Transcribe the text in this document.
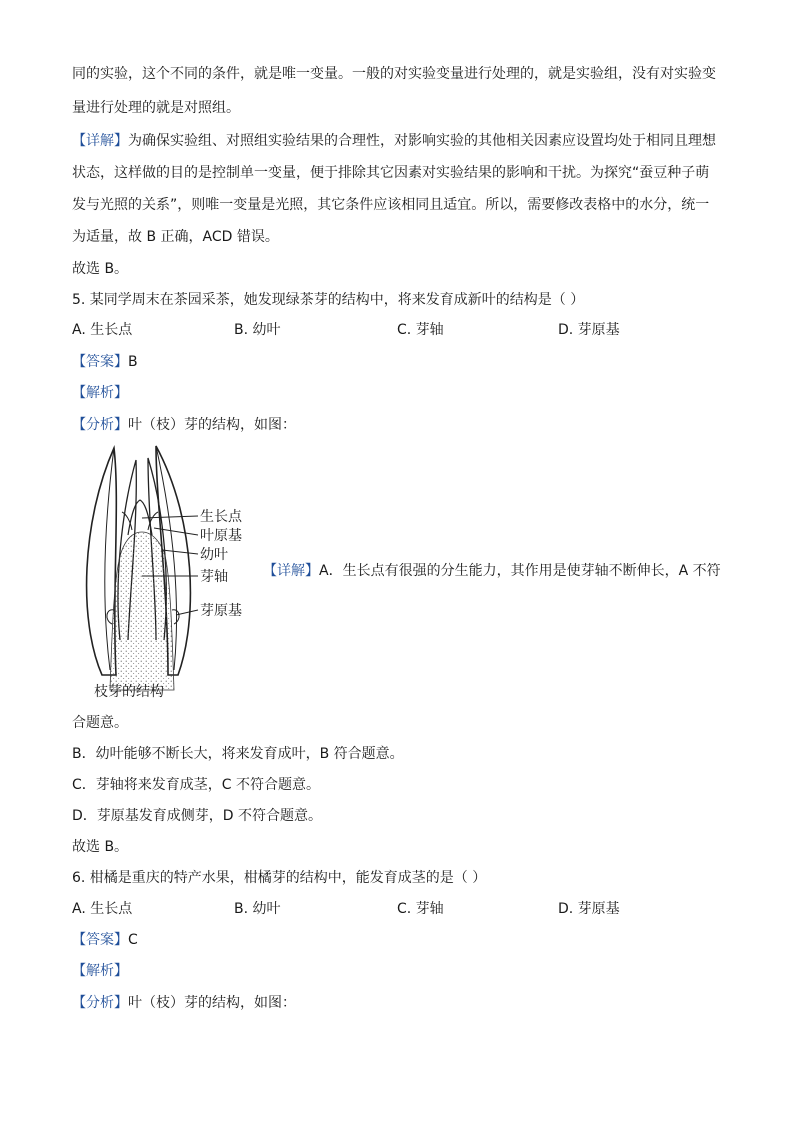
同的实验，这个不同的条件，就是唯一变量。一般的对实验变量进行处理的，就是实验组，没有对实验变
量进行处理的就是对照组。
【详解】为确保实验组、对照组实验结果的合理性，对影响实验的其他相关因素应设置均处于相同且理想
状态，这样做的目的是控制单一变量，便于排除其它因素对实验结果的影响和干扰。为探究“蚕豆种子萌
发与光照的关系”，则唯一变量是光照，其它条件应该相同且适宜。所以，需要修改表格中的水分，统一
为适量，故 B 正确，ACD 错误。
故选 B。
5. 某同学周末在茶园采茶，她发现绿茶芽的结构中，将来发育成新叶的结构是（ ）
A. 生长点	B. 幼叶	C. 芽轴	D. 芽原基
【答案】B
【解析】
【分析】叶（枝）芽的结构，如图：
生长点
叶原基
幼叶
芽轴
芽原基
枝芽的结构
【详解】A．生长点有很强的分生能力，其作用是使芽轴不断伸长，A 不符
合题意。
B．幼叶能够不断长大，将来发育成叶，B 符合题意。
C．芽轴将来发育成茎，C 不符合题意。
D．芽原基发育成侧芽，D 不符合题意。
故选 B。
6. 柑橘是重庆的特产水果，柑橘芽的结构中，能发育成茎的是（ ）
A. 生长点	B. 幼叶	C. 芽轴	D. 芽原基
【答案】C
【解析】
【分析】叶（枝）芽的结构，如图：
